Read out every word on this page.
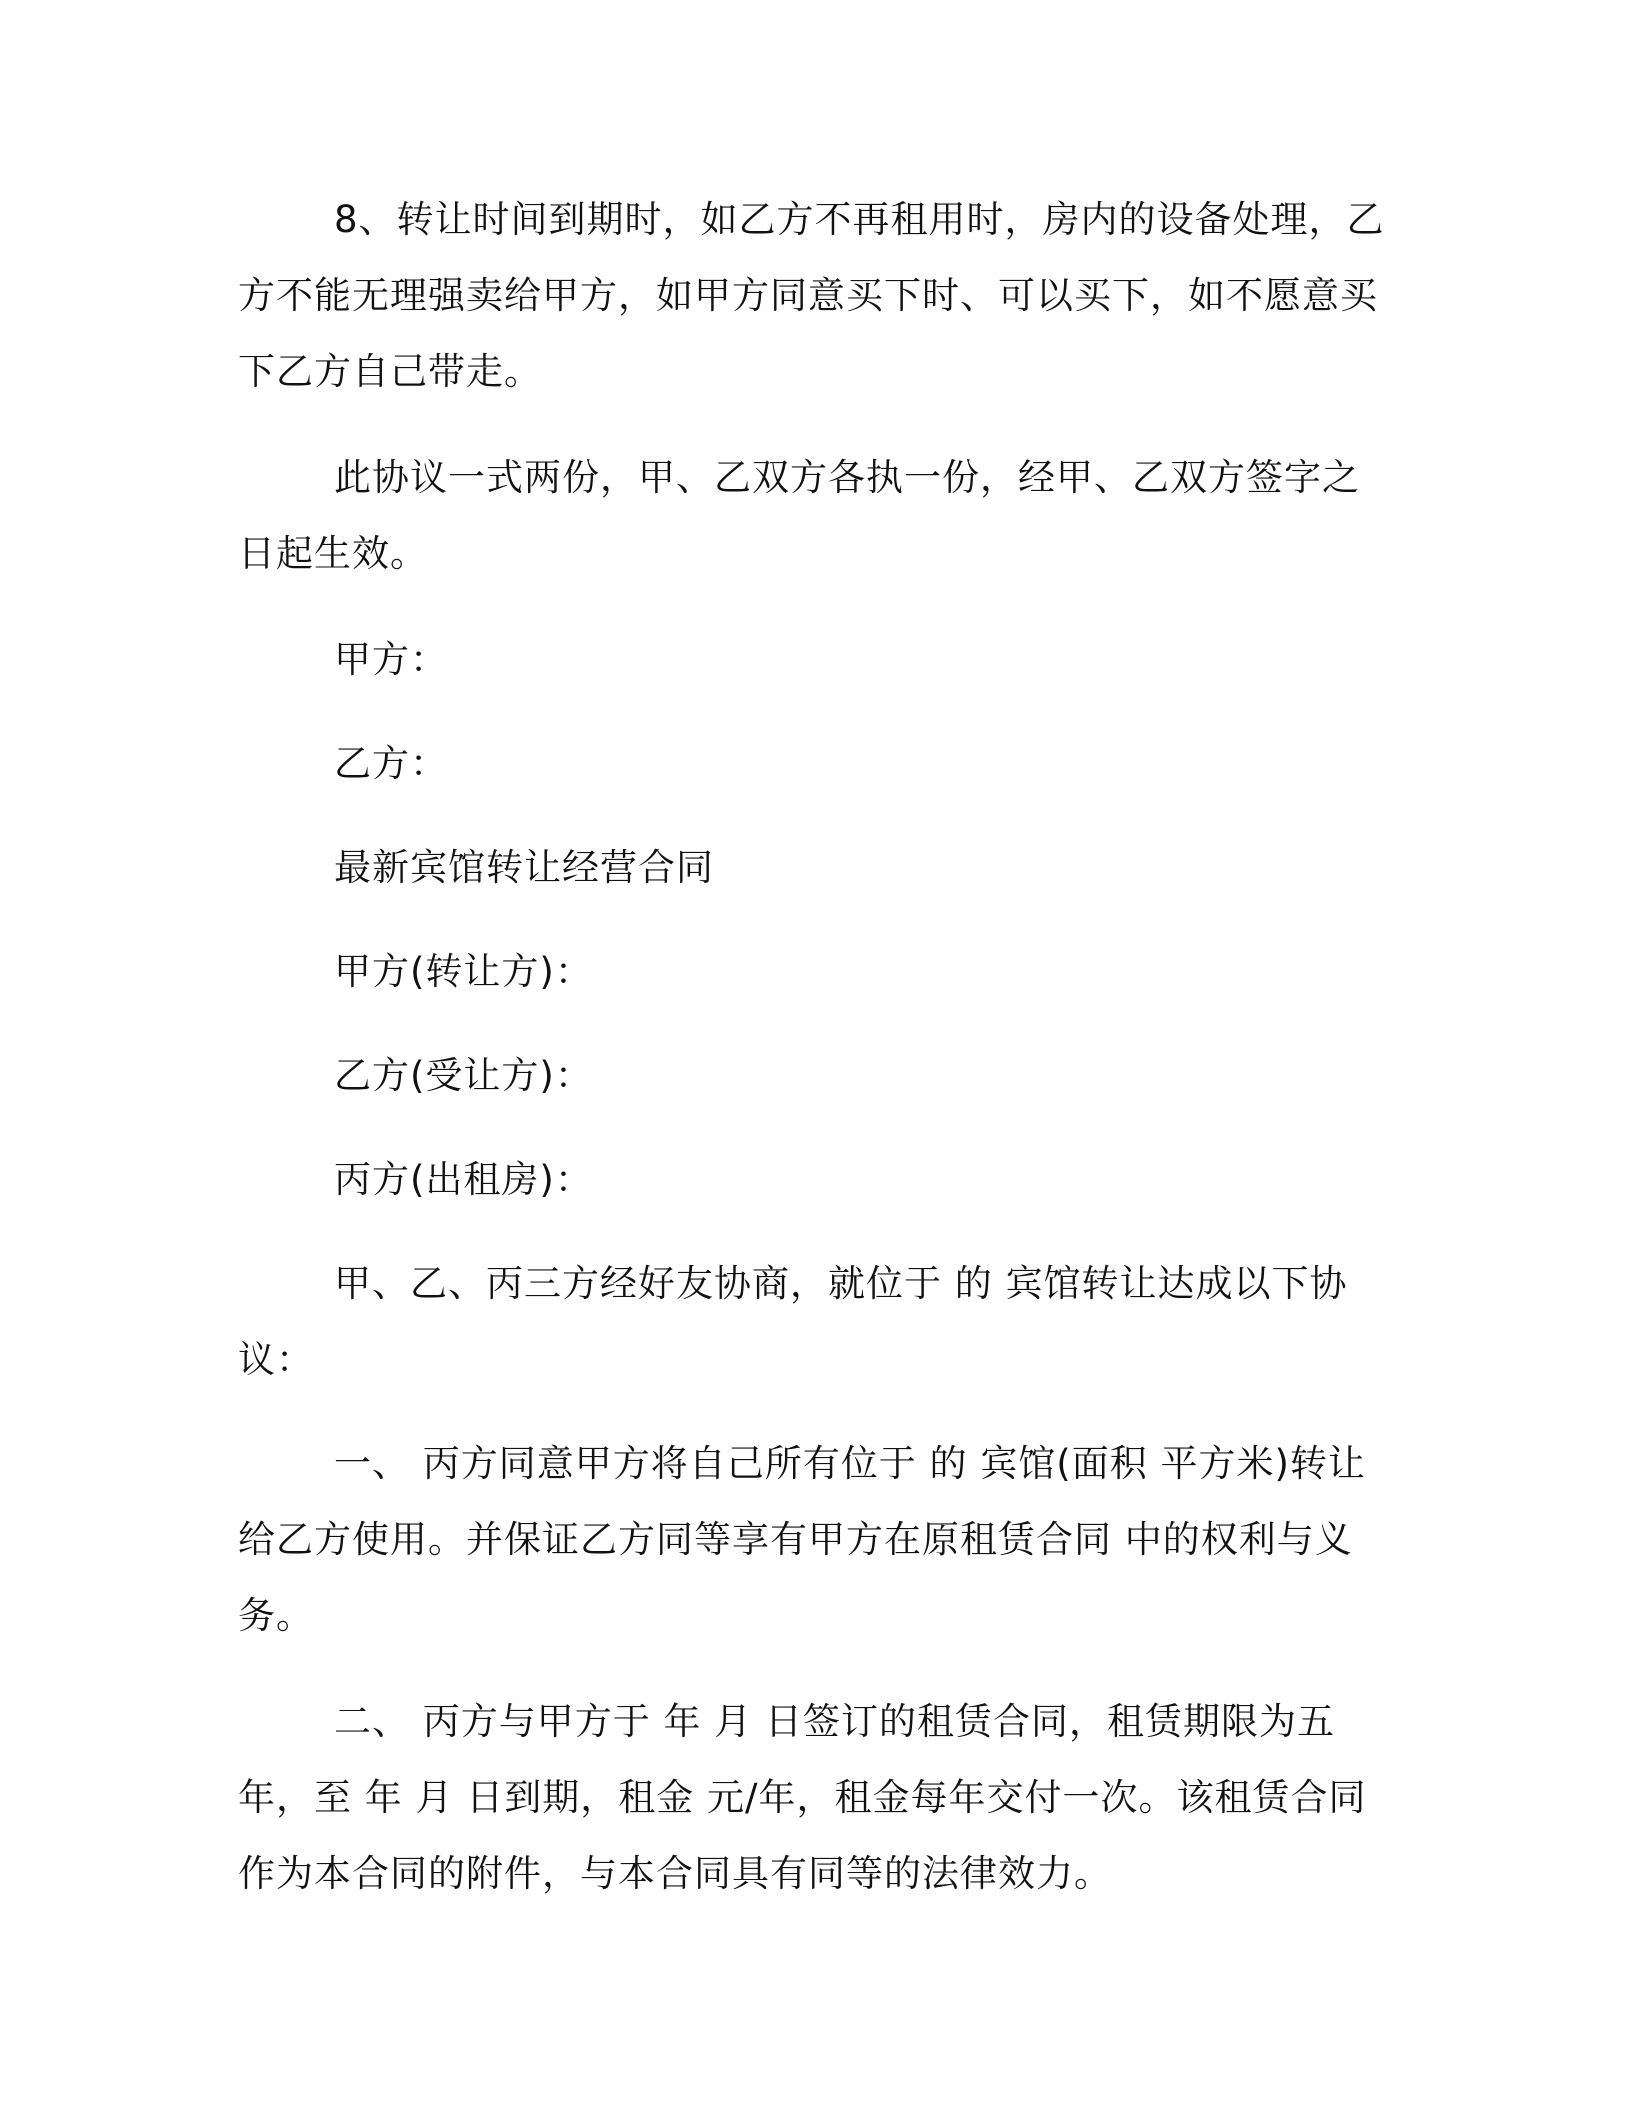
8、转让时间到期时，如乙方不再租用时，房内的设备处理，乙方不能无理强卖给甲方，如甲方同意买下时、可以买下，如不愿意买下乙方自己带走。

此协议一式两份，甲、乙双方各执一份，经甲、乙双方签字之日起生效。

甲方：

乙方：

最新宾馆转让经营合同

甲方(转让方)：

乙方(受让方)：

丙方(出租房)：

甲、乙、丙三方经好友协商，就位于 的 宾馆转让达成以下协议：

一、 丙方同意甲方将自己所有位于 的 宾馆(面积 平方米)转让给乙方使用。并保证乙方同等享有甲方在原租赁合同 中的权利与义务。

二、 丙方与甲方于 年 月 日签订的租赁合同，租赁期限为五年，至 年 月 日到期，租金 元/年，租金每年交付一次。该租赁合同作为本合同的附件，与本合同具有同等的法律效力。
